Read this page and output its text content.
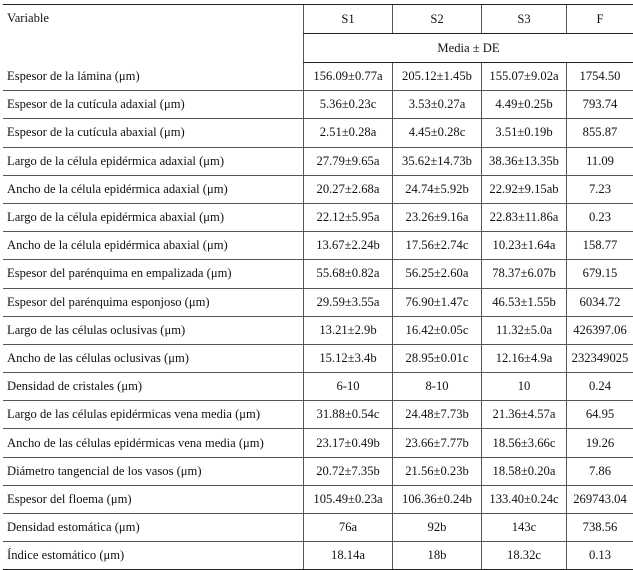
Variable	S1	S2	S3	F
	Media ± DE			
Espesor de la lámina (μm)	156.09±0.77a	205.12±1.45b	155.07±9.02a	1754.50
Espesor de la cutícula adaxial (μm)	5.36±0.23c	3.53±0.27a	4.49±0.25b	793.74
Espesor de la cutícula abaxial (μm)	2.51±0.28a	4.45±0.28c	3.51±0.19b	855.87
Largo de la célula epidérmica adaxial (μm)	27.79±9.65a	35.62±14.73b	38.36±13.35b	11.09
Ancho de la célula epidérmica adaxial (μm)	20.27±2.68a	24.74±5.92b	22.92±9.15ab	7.23
Largo de la célula epidérmica abaxial (μm)	22.12±5.95a	23.26±9.16a	22.83±11.86a	0.23
Ancho de la célula epidérmica abaxial (μm)	13.67±2.24b	17.56±2.74c	10.23±1.64a	158.77
Espesor del parénquima en empalizada (μm)	55.68±0.82a	56.25±2.60a	78.37±6.07b	679.15
Espesor del parénquima esponjoso (μm)	29.59±3.55a	76.90±1.47c	46.53±1.55b	6034.72
Largo de las células oclusivas (μm)	13.21±2.9b	16.42±0.05c	11.32±5.0a	426397.06
Ancho de las células oclusivas (μm)	15.12±3.4b	28.95±0.01c	12.16±4.9a	232349025
Densidad de cristales (μm)	6-10	8-10	10	0.24
Largo de las células epidérmicas vena media (μm)	31.88±0.54c	24.48±7.73b	21.36±4.57a	64.95
Ancho de las células epidérmicas vena media (μm)	23.17±0.49b	23.66±7.77b	18.56±3.66c	19.26
Diámetro tangencial de los vasos (μm)	20.72±7.35b	21.56±0.23b	18.58±0.20a	7.86
Espesor del floema (μm)	105.49±0.23a	106.36±0.24b	133.40±0.24c	269743.04
Densidad estomática (μm)	76a	92b	143c	738.56
Índice estomático (μm)	18.14a	18b	18.32c	0.13
